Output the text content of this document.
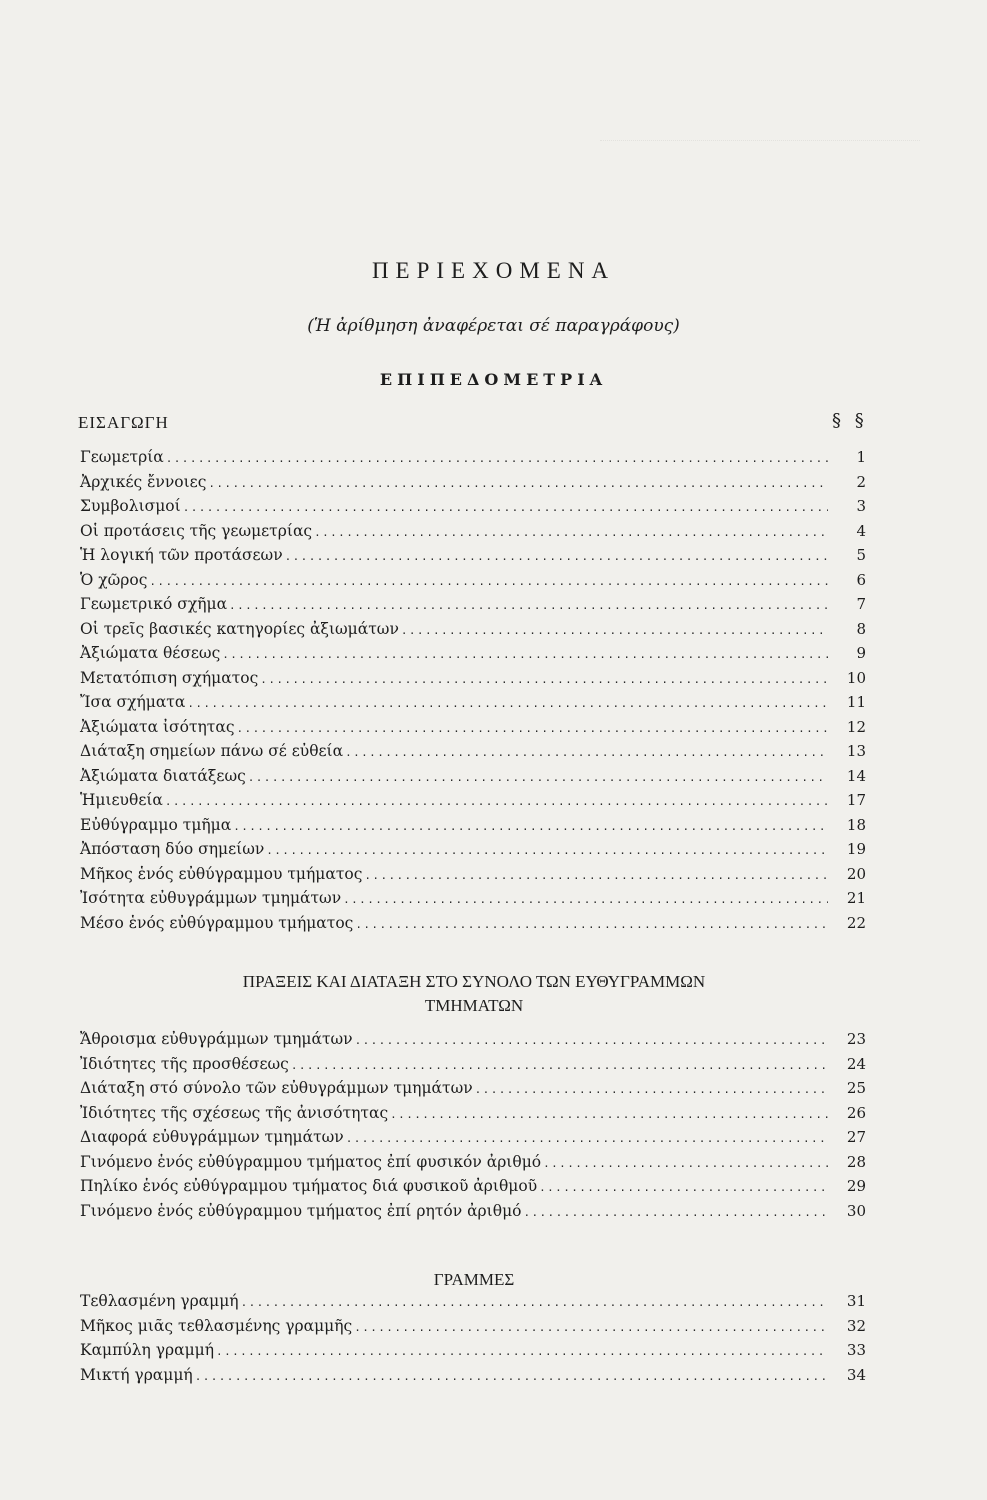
ΠΕΡΙΕΧΟΜΕΝΑ
(Ἡ ἀρίθμηση ἀναφέρεται σέ παραγράφους)
ΕΠΙΠΕΔΟΜΕΤΡΙΑ
ΕΙΣΑΓΩΓΗ	§ §
Γεωμετρία .....	1
Ἀρχικές ἔννοιες .....	2
Συμβολισμοί .....	3
Οἱ προτάσεις τῆς γεωμετρίας .....	4
Ἡ λογική τῶν προτάσεων .....	5
Ὁ χῶρος .....	6
Γεωμετρικό σχῆμα .....	7
Οἱ τρεῖς βασικές κατηγορίες ἀξιωμάτων .....	8
Ἀξιώματα θέσεως .....	9
Μετατόπιση σχήματος .....	10
Ἴσα σχήματα .....	11
Ἀξιώματα ἰσότητας .....	12
Διάταξη σημείων πάνω σέ εὐθεία .....	13
Ἀξιώματα διατάξεως .....	14
Ἡμιευθεία .....	17
Εὐθύγραμμο τμῆμα .....	18
Ἀπόσταση δύο σημείων .....	19
Μῆκος ἑνός εὐθύγραμμου τμήματος .....	20
Ἰσότητα εὐθυγράμμων τμημάτων .....	21
Μέσο ἑνός εὐθύγραμμου τμήματος .....	22
ΠΡΑΞΕΙΣ ΚΑΙ ΔΙΑΤΑΞΗ ΣΤΟ ΣΥΝΟΛΟ ΤΩΝ ΕΥΘΥΓΡΑΜΜΩΝ
ΤΜΗΜΑΤΩΝ
Ἄθροισμα εὐθυγράμμων τμημάτων .....	23
Ἰδιότητες τῆς προσθέσεως .....	24
Διάταξη στό σύνολο τῶν εὐθυγράμμων τμημάτων .....	25
Ἰδιότητες τῆς σχέσεως τῆς ἀνισότητας .....	26
Διαφορά εὐθυγράμμων τμημάτων .....	27
Γινόμενο ἑνός εὐθύγραμμου τμήματος ἐπί φυσικόν ἀριθμό .....	28
Πηλίκο ἑνός εὐθύγραμμου τμήματος διά φυσικοῦ ἀριθμοῦ .....	29
Γινόμενο ἑνός εὐθύγραμμου τμήματος ἐπί ρητόν ἀριθμό .....	30
ΓΡΑΜΜΕΣ
Τεθλασμένη γραμμή .....	31
Μῆκος μιᾶς τεθλασμένης γραμμῆς .....	32
Καμπύλη γραμμή .....	33
Μικτή γραμμή .....	34
